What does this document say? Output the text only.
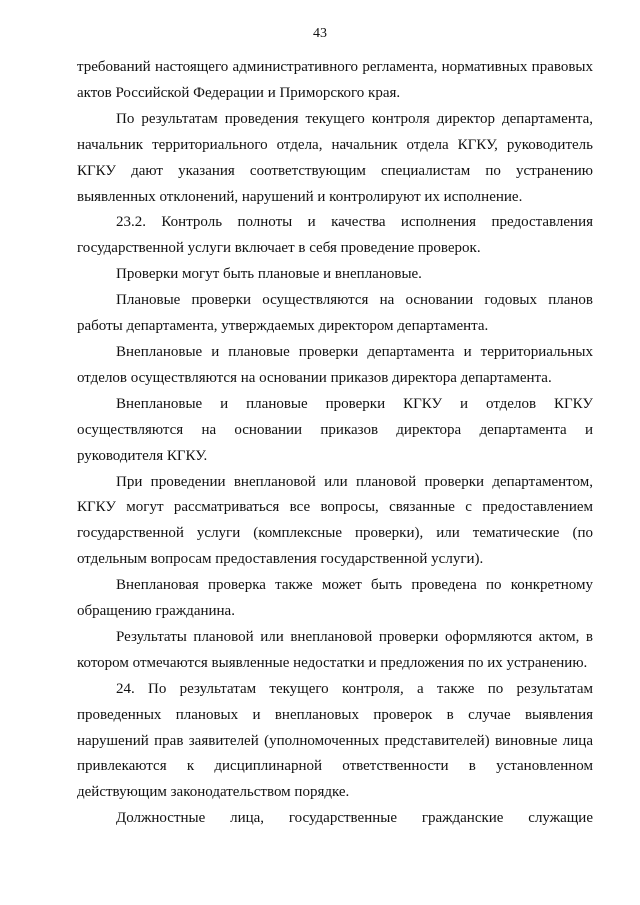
43

требований настоящего административного регламента, нормативных правовых актов Российской Федерации и Приморского края.

По результатам проведения текущего контроля директор департамента, начальник территориального отдела, начальник отдела КГКУ, руководитель КГКУ дают указания соответствующим специалистам по устранению выявленных отклонений, нарушений и контролируют их исполнение.

23.2. Контроль полноты и качества исполнения предоставления государственной услуги включает в себя проведение проверок.

Проверки могут быть плановые и внеплановые.

Плановые проверки осуществляются на основании годовых планов работы департамента, утверждаемых директором департамента.

Внеплановые и плановые проверки департамента и территориальных отделов осуществляются на основании приказов директора департамента.

Внеплановые и плановые проверки КГКУ и отделов КГКУ осуществляются на основании приказов директора департамента и руководителя КГКУ.

При проведении внеплановой или плановой проверки департаментом, КГКУ могут рассматриваться все вопросы, связанные с предоставлением государственной услуги (комплексные проверки), или тематические (по отдельным вопросам предоставления государственной услуги).

Внеплановая проверка также может быть проведена по конкретному обращению гражданина.

Результаты плановой или внеплановой проверки оформляются актом, в котором отмечаются выявленные недостатки и предложения по их устранению.

24. По результатам текущего контроля, а также по результатам проведенных плановых и внеплановых проверок в случае выявления нарушений прав заявителей (уполномоченных представителей) виновные лица привлекаются к дисциплинарной ответственности в установленном действующим законодательством порядке.

Должностные лица, государственные гражданские служащие
